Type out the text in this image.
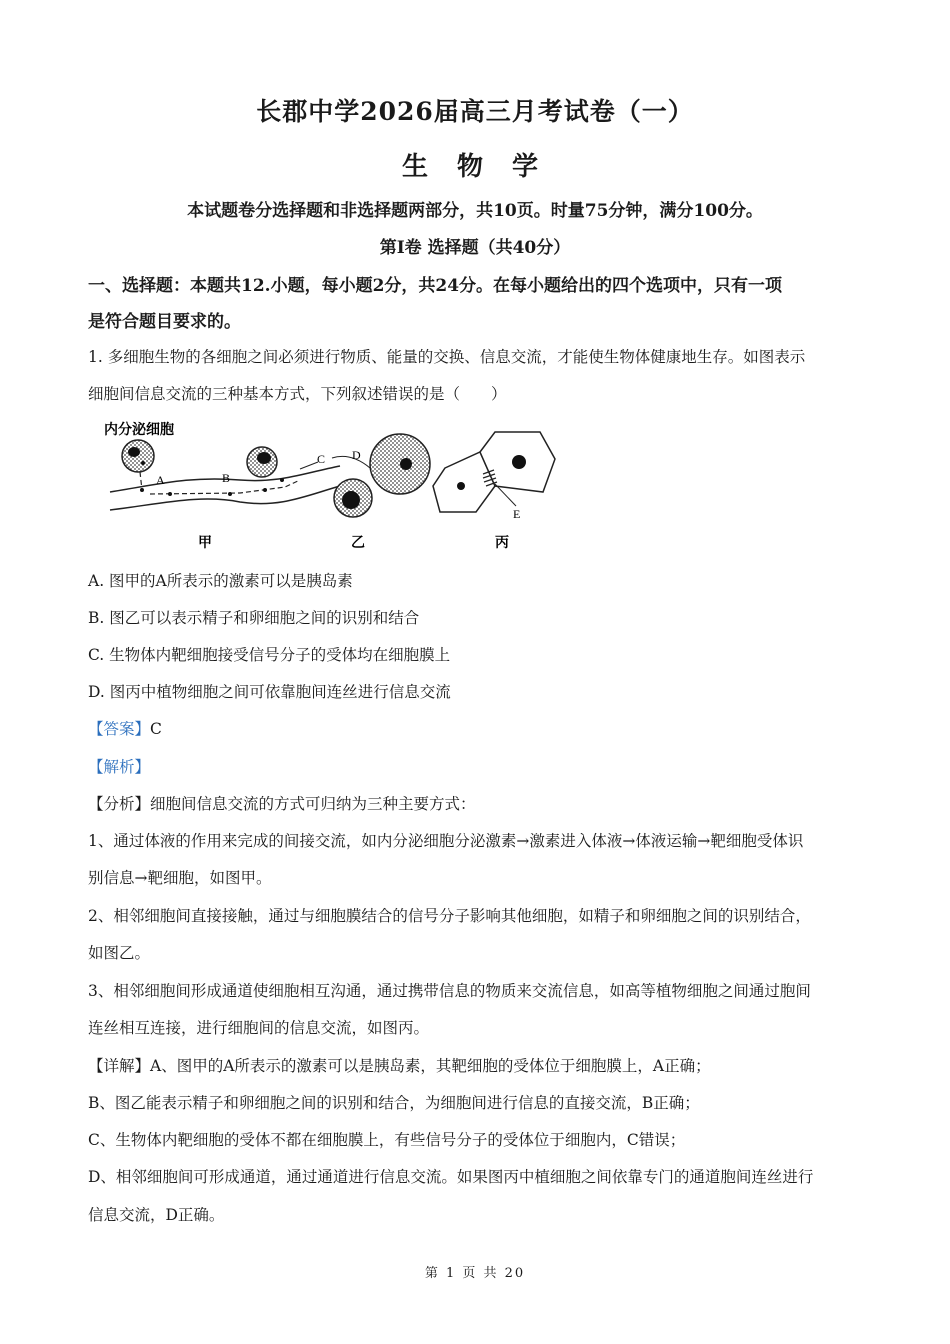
长郡中学2026届高三月考试卷（一）
生 物 学
本试题卷分选择题和非选择题两部分，共10页。时量75分钟，满分100分。
第Ⅰ卷 选择题（共40分）
一、选择题：本题共12.小题，每小题2分，共24分。在每小题给出的四个选项中，只有一项
是符合题目要求的。
1. 多细胞生物的各细胞之间必须进行物质、能量的交换、信息交流，才能使生物体健康地生存。如图表示
细胞间信息交流的三种基本方式，下列叙述错误的是（　　）
内分泌细胞
A	B
C D
E
甲	乙	丙
A. 图甲的A所表示的激素可以是胰岛素
B. 图乙可以表示精子和卵细胞之间的识别和结合
C. 生物体内靶细胞接受信号分子的受体均在细胞膜上
D. 图丙中植物细胞之间可依靠胞间连丝进行信息交流
【答案】C
【解析】
【分析】细胞间信息交流的方式可归纳为三种主要方式：
1、通过体液的作用来完成的间接交流，如内分泌细胞分泌激素→激素进入体液→体液运输→靶细胞受体识
别信息→靶细胞，如图甲。
2、相邻细胞间直接接触，通过与细胞膜结合的信号分子影响其他细胞，如精子和卵细胞之间的识别结合，
如图乙。
3、相邻细胞间形成通道使细胞相互沟通，通过携带信息的物质来交流信息，如高等植物细胞之间通过胞间
连丝相互连接，进行细胞间的信息交流，如图丙。
【详解】A、图甲的A所表示的激素可以是胰岛素，其靶细胞的受体位于细胞膜上，A正确；
B、图乙能表示精子和卵细胞之间的识别和结合，为细胞间进行信息的直接交流，B正确；
C、生物体内靶细胞的受体不都在细胞膜上，有些信号分子的受体位于细胞内，C错误；
D、相邻细胞间可形成通道，通过通道进行信息交流。如果图丙中植细胞之间依靠专门的通道胞间连丝进行
信息交流，D正确。
第 1 页 共 20
